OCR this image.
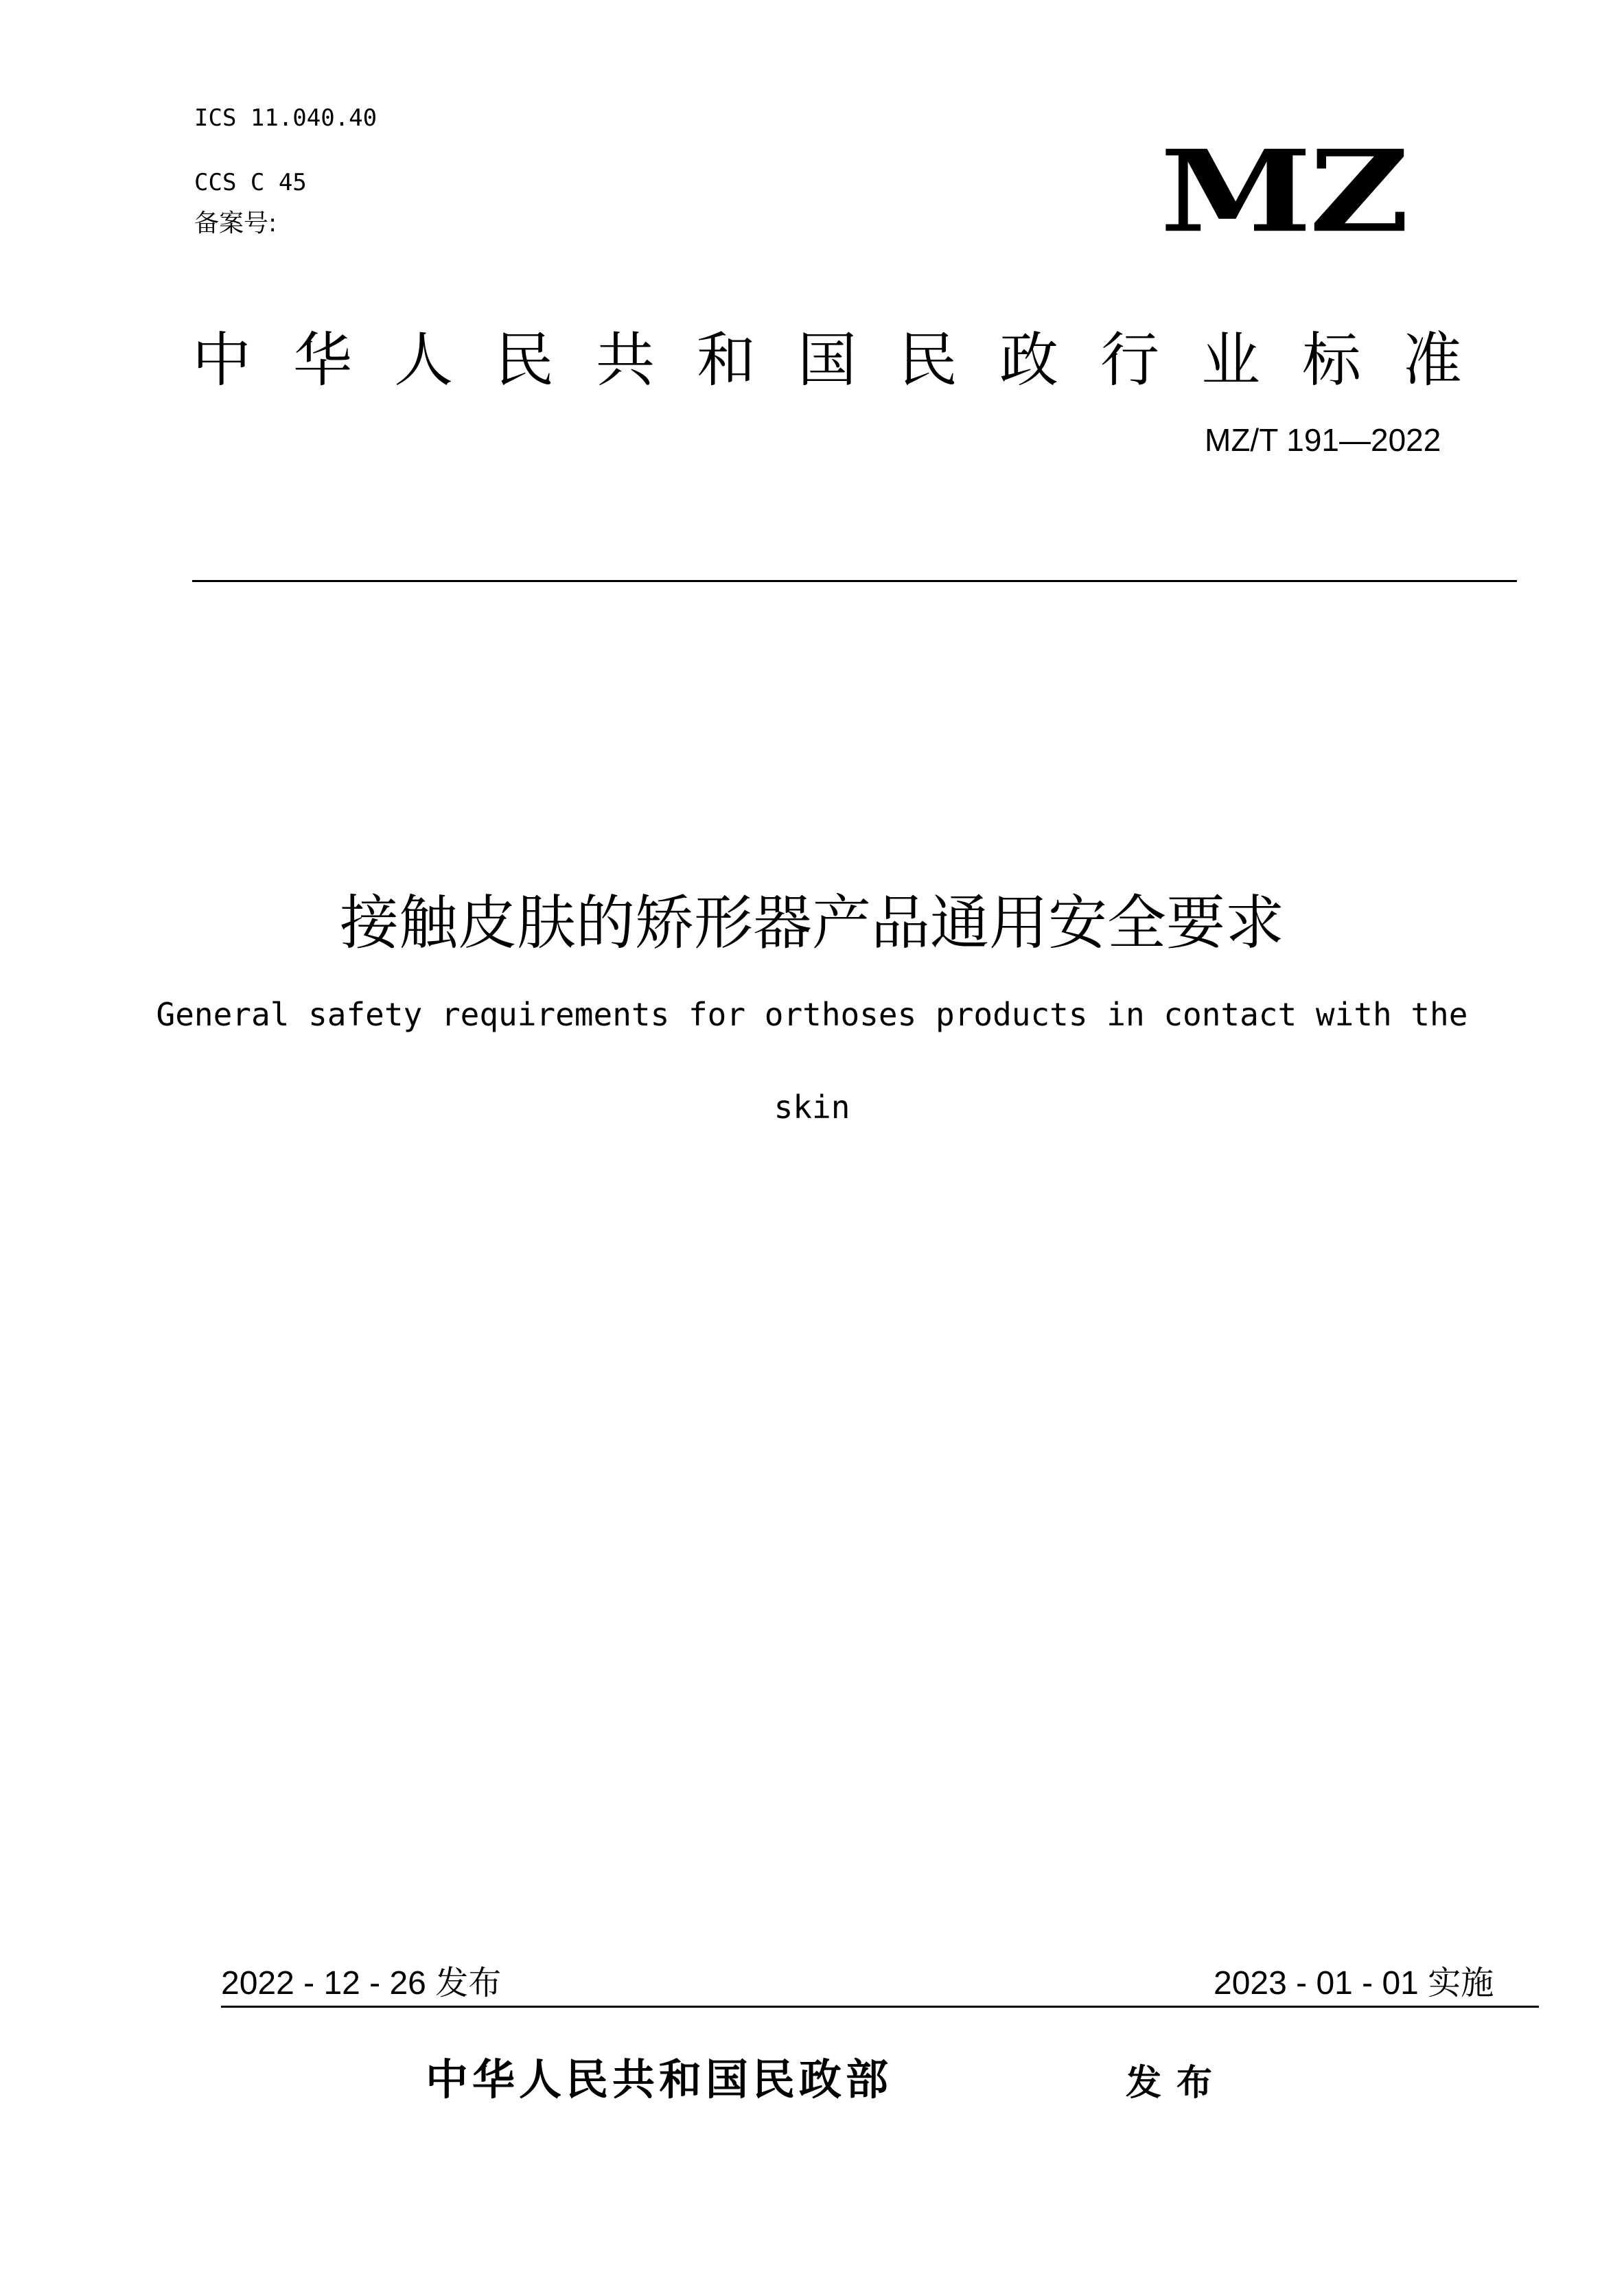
ICS 11.040.40
CCS C 45
备案号:	MZ
中华人民共和国民政行业标准
MZ/T 191—2022
接触皮肤的矫形器产品通用安全要求
General safety requirements for orthoses products in contact with the
skin
2022 - 12 - 26 发布	2023 - 01 - 01 实施
中华人民共和国民政部	发布
